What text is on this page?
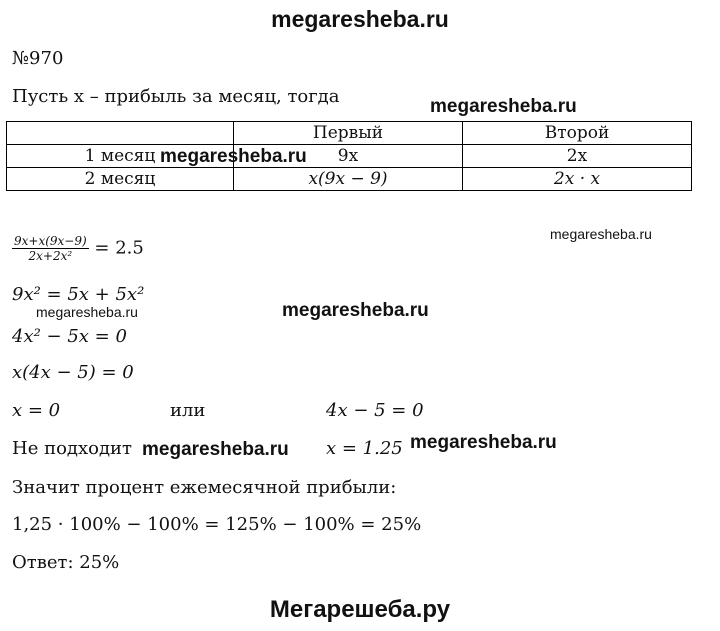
megaresheba.ru
№970
Пусть x – прибыль за месяц, тогда	megaresheba.ru
	Первый	Второй
1 месяц	9x	2x
2 месяц	x(9x − 9)	2x · x
megaresheba.ru
megaresheba.ru
$\frac{9x+x(9x-9)}{\text{2x+2x²}} = 2.5$
9x² = 5x + 5x²
megaresheba.ru	megaresheba.ru
4x² − 5x = 0
x(4x − 5) = 0
x = 0	или	4x − 5 = 0
Не подходит megaresheba.ru x = 1.25 megaresheba.ru
Значит процент ежемесячной прибыли:
1,25 · 100% − 100% = 125% − 100% = 25%
Ответ: 25%
Мегарешеба.ру
